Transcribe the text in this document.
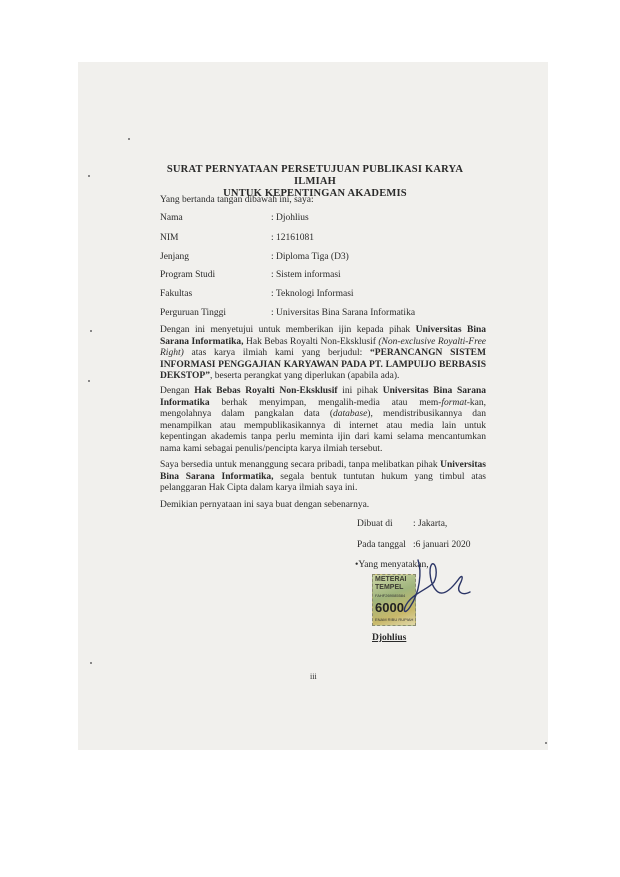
SURAT PERNYATAAN PERSETUJUAN PUBLIKASI KARYA ILMIAH
UNTUK KEPENTINGAN AKADEMIS
Yang bertanda tangan dibawah ini, saya:
Nama	: Djohlius
NIM	: 12161081
Jenjang	: Diploma Tiga (D3)
Program Studi	: Sistem informasi
Fakultas	: Teknologi Informasi
Perguruan Tinggi	: Universitas Bina Sarana Informatika
Dengan ini menyetujui untuk memberikan ijin kepada pihak Universitas Bina Sarana Informatika, Hak Bebas Royalti Non-Eksklusif (Non-exclusive Royalti-Free Right) atas karya ilmiah kami yang berjudul: “PERANCANGN SISTEM INFORMASI PENGGAJIAN KARYAWAN PADA PT. LAMPUIJO BERBASIS DEKSTOP”, beserta perangkat yang diperlukan (apabila ada).
Dengan Hak Bebas Royalti Non-Eksklusif ini pihak Universitas Bina Sarana Informatika berhak menyimpan, mengalih-media atau mem-format-kan, mengolahnya dalam pangkalan data (database), mendistribusikannya dan menampilkan atau mempublikasikannya di internet atau media lain untuk kepentingan akademis tanpa perlu meminta ijin dari kami selama mencantumkan nama kami sebagai penulis/pencipta karya ilmiah tersebut.
Saya bersedia untuk menanggung secara pribadi, tanpa melibatkan pihak Universitas Bina Sarana Informatika, segala bentuk tuntutan hukum yang timbul atas pelanggaran Hak Cipta dalam karya ilmiah saya ini.
Demikian pernyataan ini saya buat dengan sebenarnya.
Dibuat di : Jakarta,
Pada tanggal :6 januari 2020
•Yang menyatakan,
METERAI
TEMPEL
FAHF269085584
6000
ENAM RIBU RUPIAH
Djohlius
iii
